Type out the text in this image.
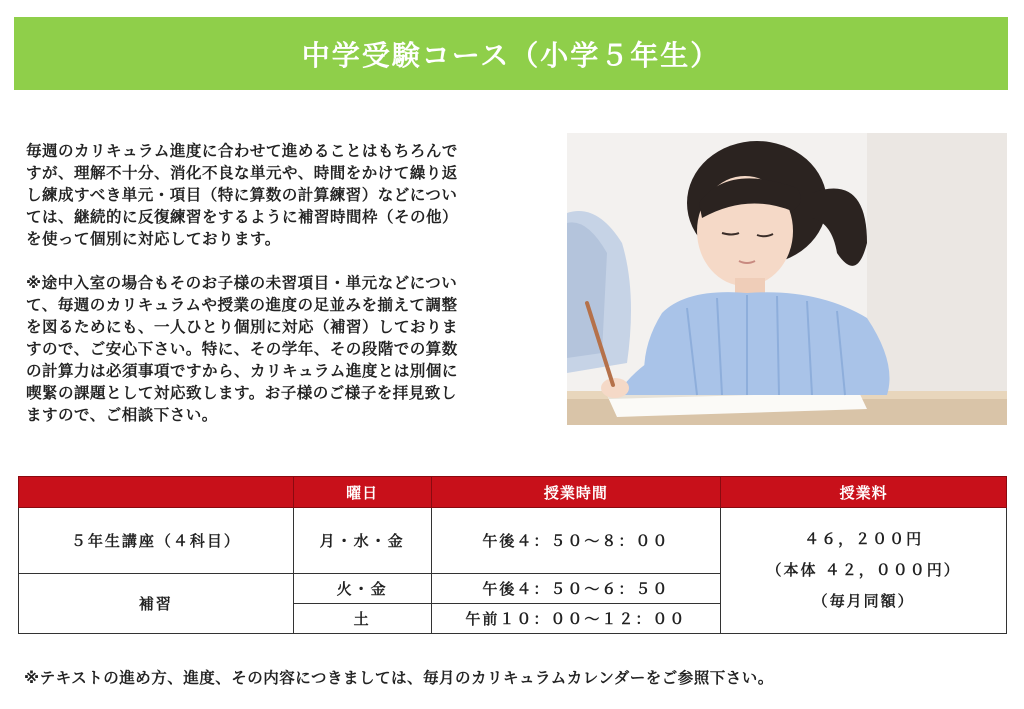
中学受験コース（小学５年生）

毎週のカリキュラム進度に合わせて進めることはもちろんで
すが、理解不十分、消化不良な単元や、時間をかけて繰り返
し練成すべき単元・項目（特に算数の計算練習）などについ
ては、継続的に反復練習をするように補習時間枠（その他）
を使って個別に対応しております。

※途中入室の場合もそのお子様の未習項目・単元などについ
て、毎週のカリキュラムや授業の進度の足並みを揃えて調整
を図るためにも、一人ひとり個別に対応（補習）しておりま
すので、ご安心下さい。特に、その学年、その段階での算数
の計算力は必須事項ですから、カリキュラム進度とは別個に
喫緊の課題として対応致します。お子様のご様子を拝見致し
ますので、ご相談下さい。

	曜日	授業時間	授業料
５年生講座（４科目）	月・水・金	午後４：５０～８：００	４６，２００円
（本体 ４２，０００円）
（毎月同額）

補習	火・金	午後４：５０～６：５０	
	土	午前１０：００～１２：００	
※テキストの進め方、進度、その内容につきましては、毎月のカリキュラムカレンダーをご参照下さい。
